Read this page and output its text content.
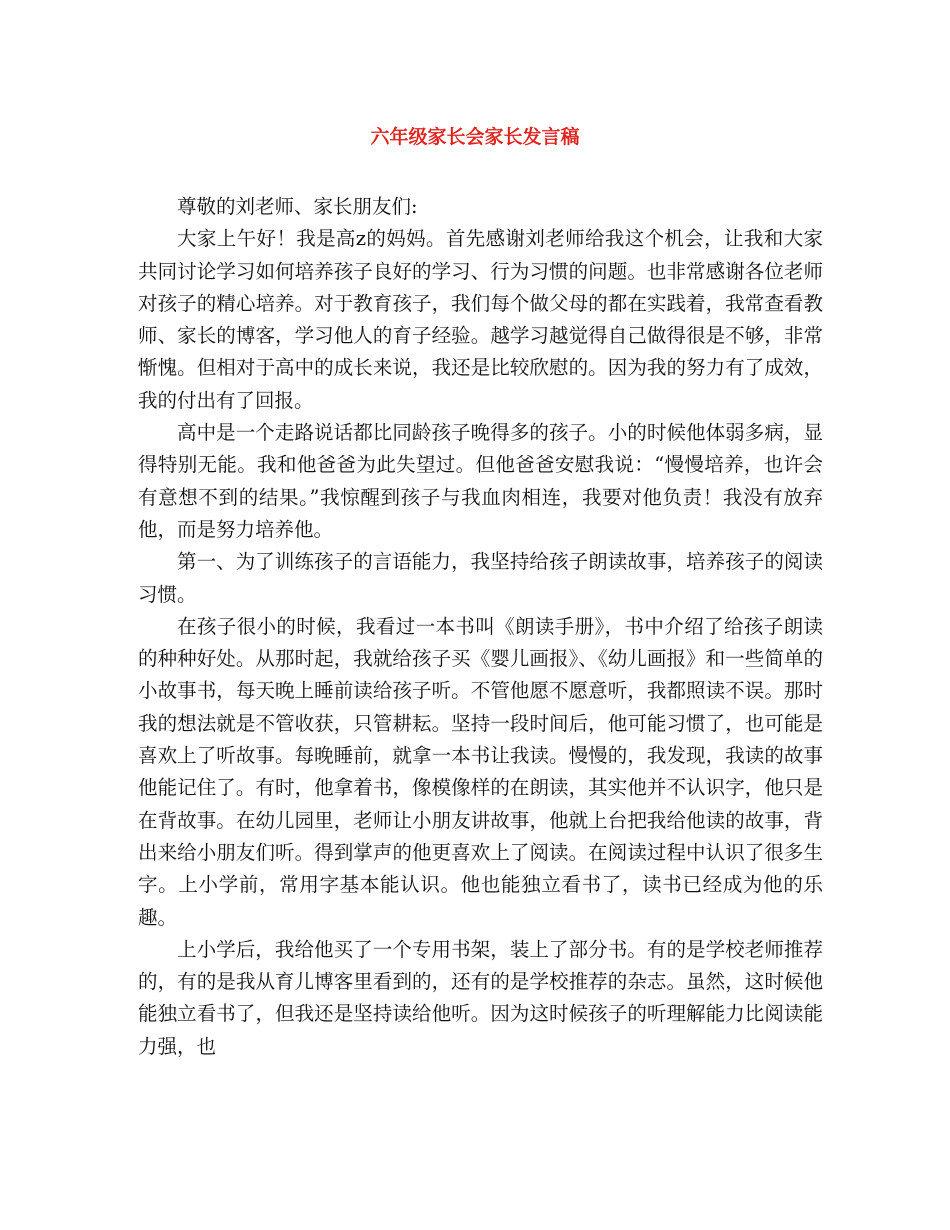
六年级家长会家长发言稿

尊敬的刘老师、家长朋友们:

大家上午好！我是高z的妈妈。首先感谢刘老师给我这个机会，让我和大家共同讨论学习如何培养孩子良好的学习、行为习惯的问题。也非常感谢各位老师对孩子的精心培养。对于教育孩子，我们每个做父母的都在实践着，我常查看教师、家长的博客，学习他人的育子经验。越学习越觉得自己做得很是不够，非常惭愧。但相对于高中的成长来说，我还是比较欣慰的。因为我的努力有了成效，我的付出有了回报。

高中是一个走路说话都比同龄孩子晚得多的孩子。小的时候他体弱多病，显得特别无能。我和他爸爸为此失望过。但他爸爸安慰我说：“慢慢培养，也许会有意想不到的结果。”我惊醒到孩子与我血肉相连，我要对他负责！我没有放弃他，而是努力培养他。

第一、为了训练孩子的言语能力，我坚持给孩子朗读故事，培养孩子的阅读习惯。

在孩子很小的时候，我看过一本书叫《朗读手册》，书中介绍了给孩子朗读的种种好处。从那时起，我就给孩子买《婴儿画报》、《幼儿画报》和一些简单的小故事书，每天晚上睡前读给孩子听。不管他愿不愿意听，我都照读不误。那时我的想法就是不管收获，只管耕耘。坚持一段时间后，他可能习惯了，也可能是喜欢上了听故事。每晚睡前，就拿一本书让我读。慢慢的，我发现，我读的故事他能记住了。有时，他拿着书，像模像样的在朗读，其实他并不认识字，他只是在背故事。在幼儿园里，老师让小朋友讲故事，他就上台把我给他读的故事，背出来给小朋友们听。得到掌声的他更喜欢上了阅读。在阅读过程中认识了很多生字。上小学前，常用字基本能认识。他也能独立看书了，读书已经成为他的乐趣。

上小学后，我给他买了一个专用书架，装上了部分书。有的是学校老师推荐的，有的是我从育儿博客里看到的，还有的是学校推荐的杂志。虽然，这时候他能独立看书了，但我还是坚持读给他听。因为这时候孩子的听理解能力比阅读能力强，也
